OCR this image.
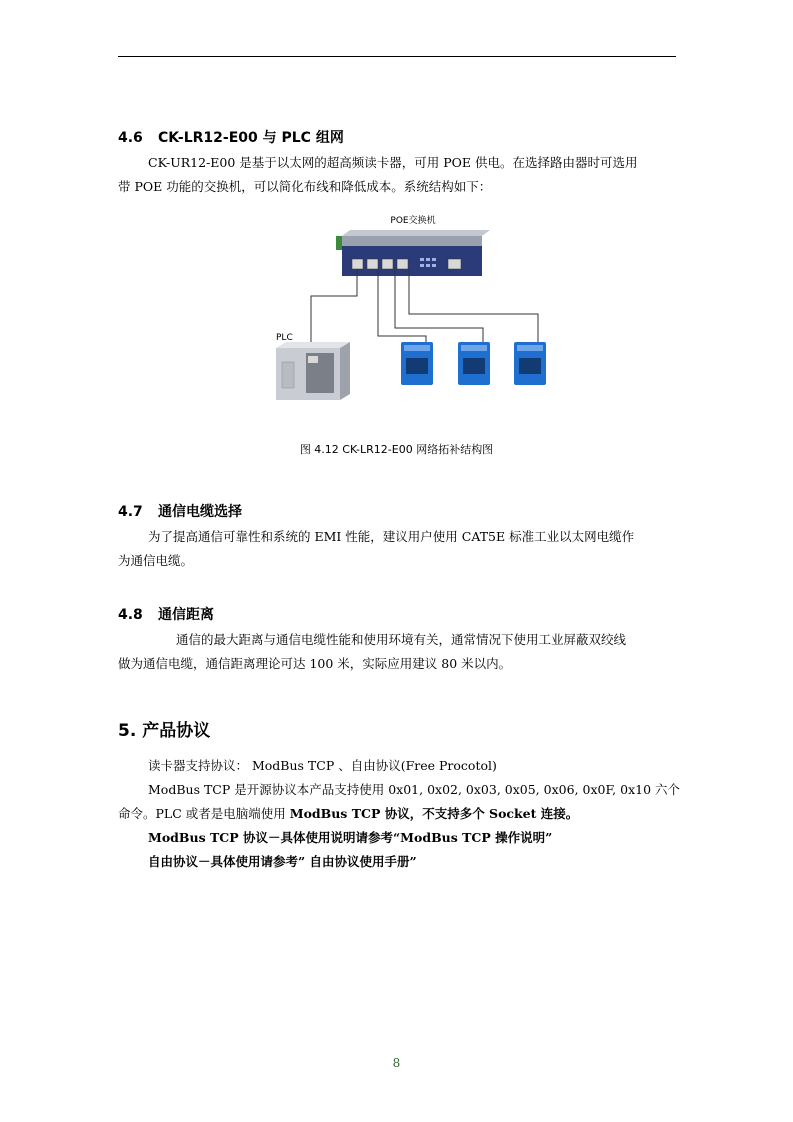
4.6 CK-LR12-E00 与 PLC 组网
CK-UR12-E00 是基于以太网的超高频读卡器，可用 POE 供电。在选择路由器时可选用
带 POE 功能的交换机，可以简化布线和降低成本。系统结构如下：
POE交换机
PLC
图 4.12 CK-LR12-E00 网络拓补结构图
4.7 通信电缆选择
为了提高通信可靠性和系统的 EMI 性能，建议用户使用 CAT5E 标准工业以太网电缆作
为通信电缆。
4.8 通信距离
通信的最大距离与通信电缆性能和使用环境有关，通常情况下使用工业屏蔽双绞线
做为通信电缆，通信距离理论可达 100 米，实际应用建议 80 米以内。
5. 产品协议
读卡器支持协议： ModBus TCP 、自由协议(Free Procotol)
ModBus TCP 是开源协议本产品支持使用 0x01, 0x02, 0x03, 0x05, 0x06, 0x0F, 0x10 六个
命令。PLC 或者是电脑端使用 ModBus TCP 协议，不支持多个 Socket 连接。
ModBus TCP 协议－具体使用说明请参考“ModBus TCP 操作说明”
自由协议－具体使用请参考” 自由协议使用手册”
8
